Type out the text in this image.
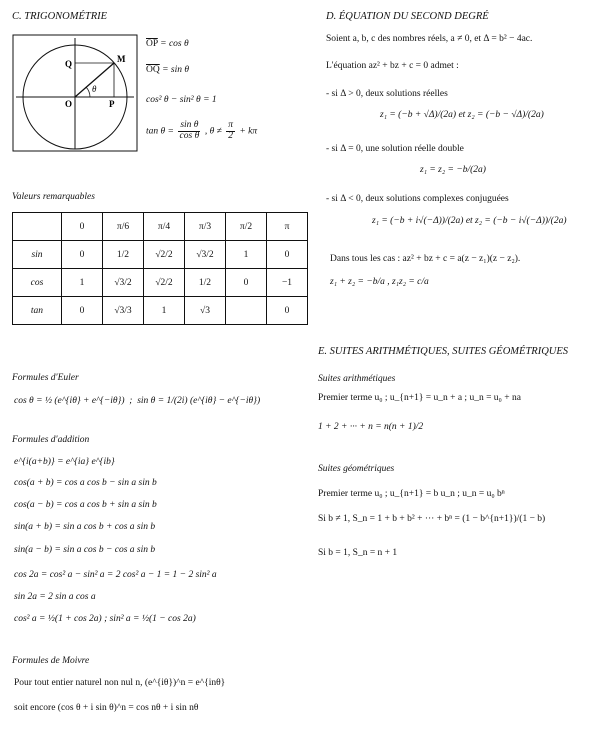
C. TRIGONOMÉTRIE
M
Q
O	P
θ
$\overline{OP} = \cos \theta$
$\overline{OQ} = \sin \theta$
cos² θ − sin² θ = 1
$\tan \theta = \frac{\text{sin θ}}{\text{cos θ}}$ , $\theta \ne \frac{\pi}{2} + k\pi$
Valeurs remarquables
	0	π/6	π/4	π/3	π/2	π
sin	0	1/2	√2/2	√3/2	1	0
cos	1	√3/2	√2/2	1/2	0	−1
tan	0	√3/3	1	√3		0
Formules d'Euler
cos θ = ½ (e^{iθ} + e^{−iθ}) ; sin θ = 1/(2i) (e^{iθ} − e^{−iθ})
Formules d'addition
e^{i(a+b)} = e^{ia} e^{ib}
cos(a + b) = cos a cos b − sin a sin b
cos(a − b) = cos a cos b + sin a sin b
sin(a + b) = sin a cos b + cos a sin b
sin(a − b) = sin a cos b − cos a sin b
cos 2a = cos² a − sin² a = 2 cos² a − 1 = 1 − 2 sin² a
sin 2a = 2 sin a cos a
cos² a = ½(1 + cos 2a) ; sin² a = ½(1 − cos 2a)
Formules de Moivre
Pour tout entier naturel non nul n, (e^{iθ})^n = e^{inθ}
soit encore (cos θ + i sin θ)^n = cos nθ + i sin nθ
D. ÉQUATION DU SECOND DEGRÉ
Soient a, b, c des nombres réels, a ≠ 0, et Δ = b² − 4ac.
L'équation az² + bz + c = 0 admet :
- si Δ > 0, deux solutions réelles
z₁ = (−b + √Δ)/(2a) et z₂ = (−b − √Δ)/(2a)
- si Δ = 0, une solution réelle double
z₁ = z₂ = −b/(2a)
- si Δ < 0, deux solutions complexes conjuguées
z₁ = (−b + i√(−Δ))/(2a) et z₂ = (−b − i√(−Δ))/(2a)
Dans tous les cas : az² + bz + c = a(z − z₁)(z − z₂).
z₁ + z₂ = −b/a , z₁z₂ = c/a
E. SUITES ARITHMÉTIQUES, SUITES GÉOMÉTRIQUES
Suites arithmétiques
Premier terme u₀ ; u_{n+1} = u_n + a ; u_n = u₀ + na
1 + 2 + ··· + n = n(n + 1)/2
Suites géométriques
Premier terme u₀ ; u_{n+1} = b u_n ; u_n = u₀ bⁿ
Si b ≠ 1, S_n = 1 + b + b² + ··· + bⁿ = (1 − b^{n+1})/(1 − b)
Si b = 1, S_n = n + 1
